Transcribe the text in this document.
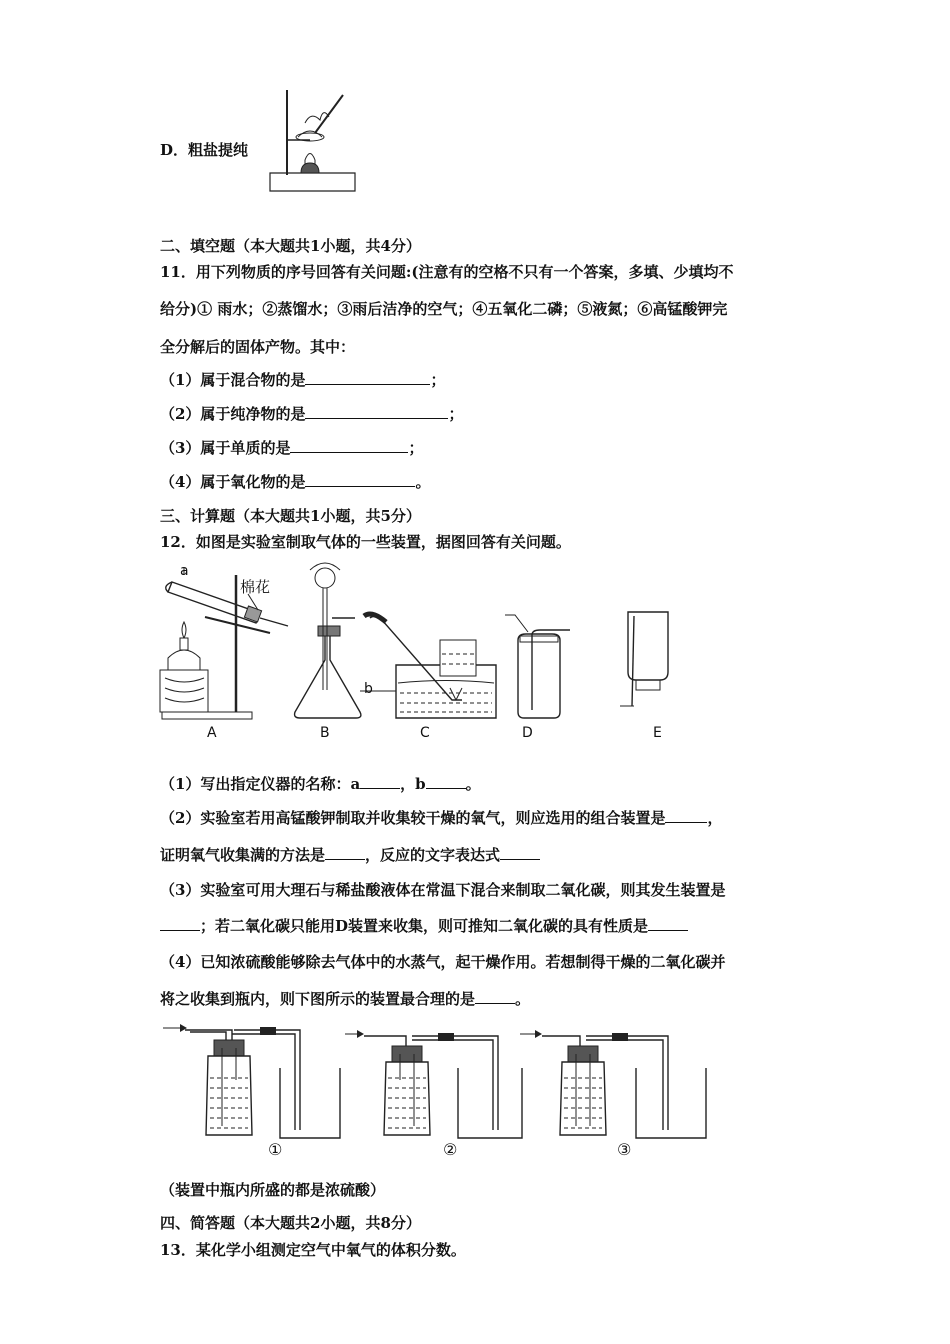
D．粗盐提纯
二、填空题（本大题共1小题，共4分）
11．用下列物质的序号回答有关问题:(注意有的空格不只有一个答案，多填、少填均不
给分)① 雨水；②蒸馏水；③雨后洁净的空气；④五氧化二磷；⑤液氮；⑥高锰酸钾完
全分解后的固体产物。其中：
（1）属于混合物的是	；
（2）属于纯净物的是	；
（3）属于单质的是	；
（4）属于氧化物的是	。
三、计算题（本大题共1小题，共5分）
12．如图是实验室制取气体的一些装置，据图回答有关问题。
a
棉花
b
A	B	C	D	E
（1）写出指定仪器的名称：a	，b	。
（2）实验室若用高锰酸钾制取并收集较干燥的氧气，则应选用的组合装置是	，
证明氧气收集满的方法是	，反应的文字表达式
（3）实验室可用大理石与稀盐酸液体在常温下混合来制取二氧化碳，则其发生装置是
；若二氧化碳只能用D装置来收集，则可推知二氧化碳的具有性质是
（4）已知浓硫酸能够除去气体中的水蒸气，起干燥作用。若想制得干燥的二氧化碳并
将之收集到瓶内，则下图所示的装置最合理的是	。
①	②	③
（装置中瓶内所盛的都是浓硫酸）
四、简答题（本大题共2小题，共8分）
13．某化学小组测定空气中氧气的体积分数。
